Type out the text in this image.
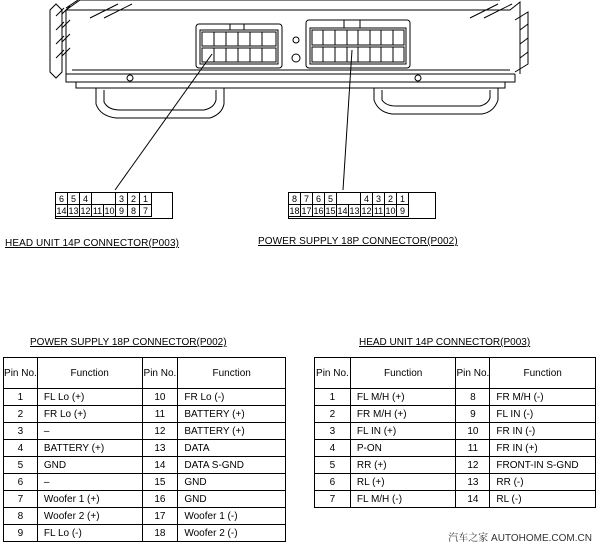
6 5 4	3 2 1
14 13 12 11 10 9 8 7
HEAD UNIT 14P CONNECTOR(P003)
8 7 6 5	4 3 2 1
18 17 16 15 14 13 12 11 10 9
POWER SUPPLY 18P CONNECTOR(P002)
POWER SUPPLY 18P CONNECTOR(P002)
Pin No.	Function	Pin No.	Function
1	FL Lo (+)	10	FR Lo (-)
2	FR Lo (+)	11	BATTERY (+)
3	–	12	BATTERY (+)
4	BATTERY (+)	13	DATA
5	GND	14	DATA S-GND
6	–	15	GND
7	Woofer 1 (+)	16	GND
8	Woofer 2 (+)	17	Woofer 1 (-)
9	FL Lo (-)	18	Woofer 2 (-)
HEAD UNIT 14P CONNECTOR(P003)
Pin No.	Function	Pin No.	Function
1	FL M/H (+)	8	FR M/H (-)
2	FR M/H (+)	9	FL IN (-)
3	FL IN (+)	10	FR IN (-)
4	P-ON	11	FR IN (+)
5	RR (+)	12	FRONT-IN S-GND
6	RL (+)	13	RR (-)
7	FL M/H (-)	14	RL (-)
汽车之家 AUTOHOME.COM.CN
